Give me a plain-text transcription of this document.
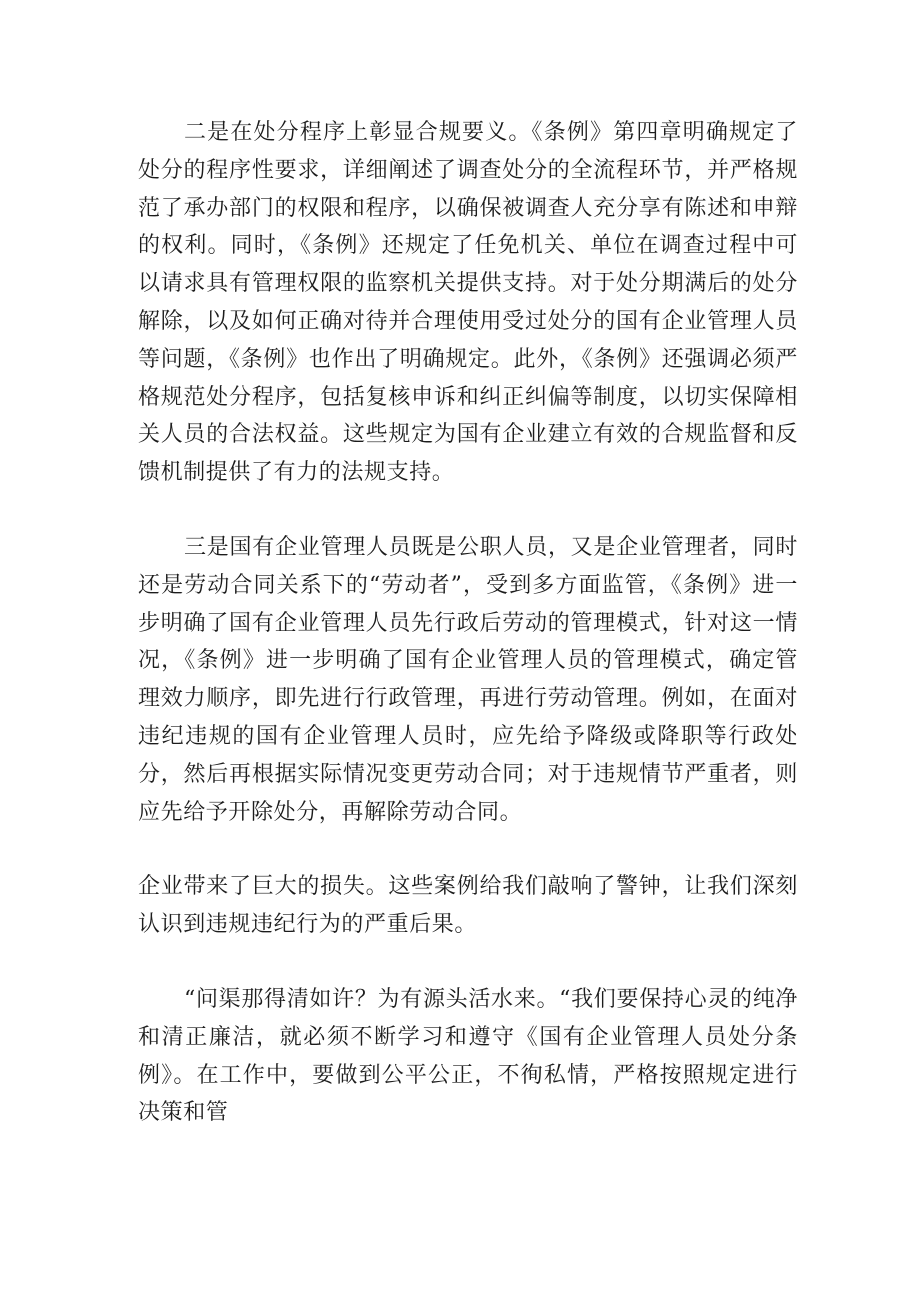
二是在处分程序上彰显合规要义。《条例》第四章明确规定了处分的程序性要求，详细阐述了调查处分的全流程环节，并严格规范了承办部门的权限和程序，以确保被调查人充分享有陈述和申辩的权利。同时，《条例》还规定了任免机关、单位在调查过程中可以请求具有管理权限的监察机关提供支持。对于处分期满后的处分解除，以及如何正确对待并合理使用受过处分的国有企业管理人员等问题，《条例》也作出了明确规定。此外，《条例》还强调必须严格规范处分程序，包括复核申诉和纠正纠偏等制度，以切实保障相关人员的合法权益。这些规定为国有企业建立有效的合规监督和反馈机制提供了有力的法规支持。

三是国有企业管理人员既是公职人员，又是企业管理者，同时还是劳动合同关系下的“劳动者”，受到多方面监管，《条例》进一步明确了国有企业管理人员先行政后劳动的管理模式，针对这一情况，《条例》进一步明确了国有企业管理人员的管理模式，确定管理效力顺序，即先进行行政管理，再进行劳动管理。例如，在面对违纪违规的国有企业管理人员时，应先给予降级或降职等行政处分，然后再根据实际情况变更劳动合同；对于违规情节严重者，则应先给予开除处分，再解除劳动合同。

企业带来了巨大的损失。这些案例给我们敲响了警钟，让我们深刻认识到违规违纪行为的严重后果。

“问渠那得清如许？为有源头活水来。“我们要保持心灵的纯净和清正廉洁，就必须不断学习和遵守《国有企业管理人员处分条例》。在工作中，要做到公平公正，不徇私情，严格按照规定进行决策和管
